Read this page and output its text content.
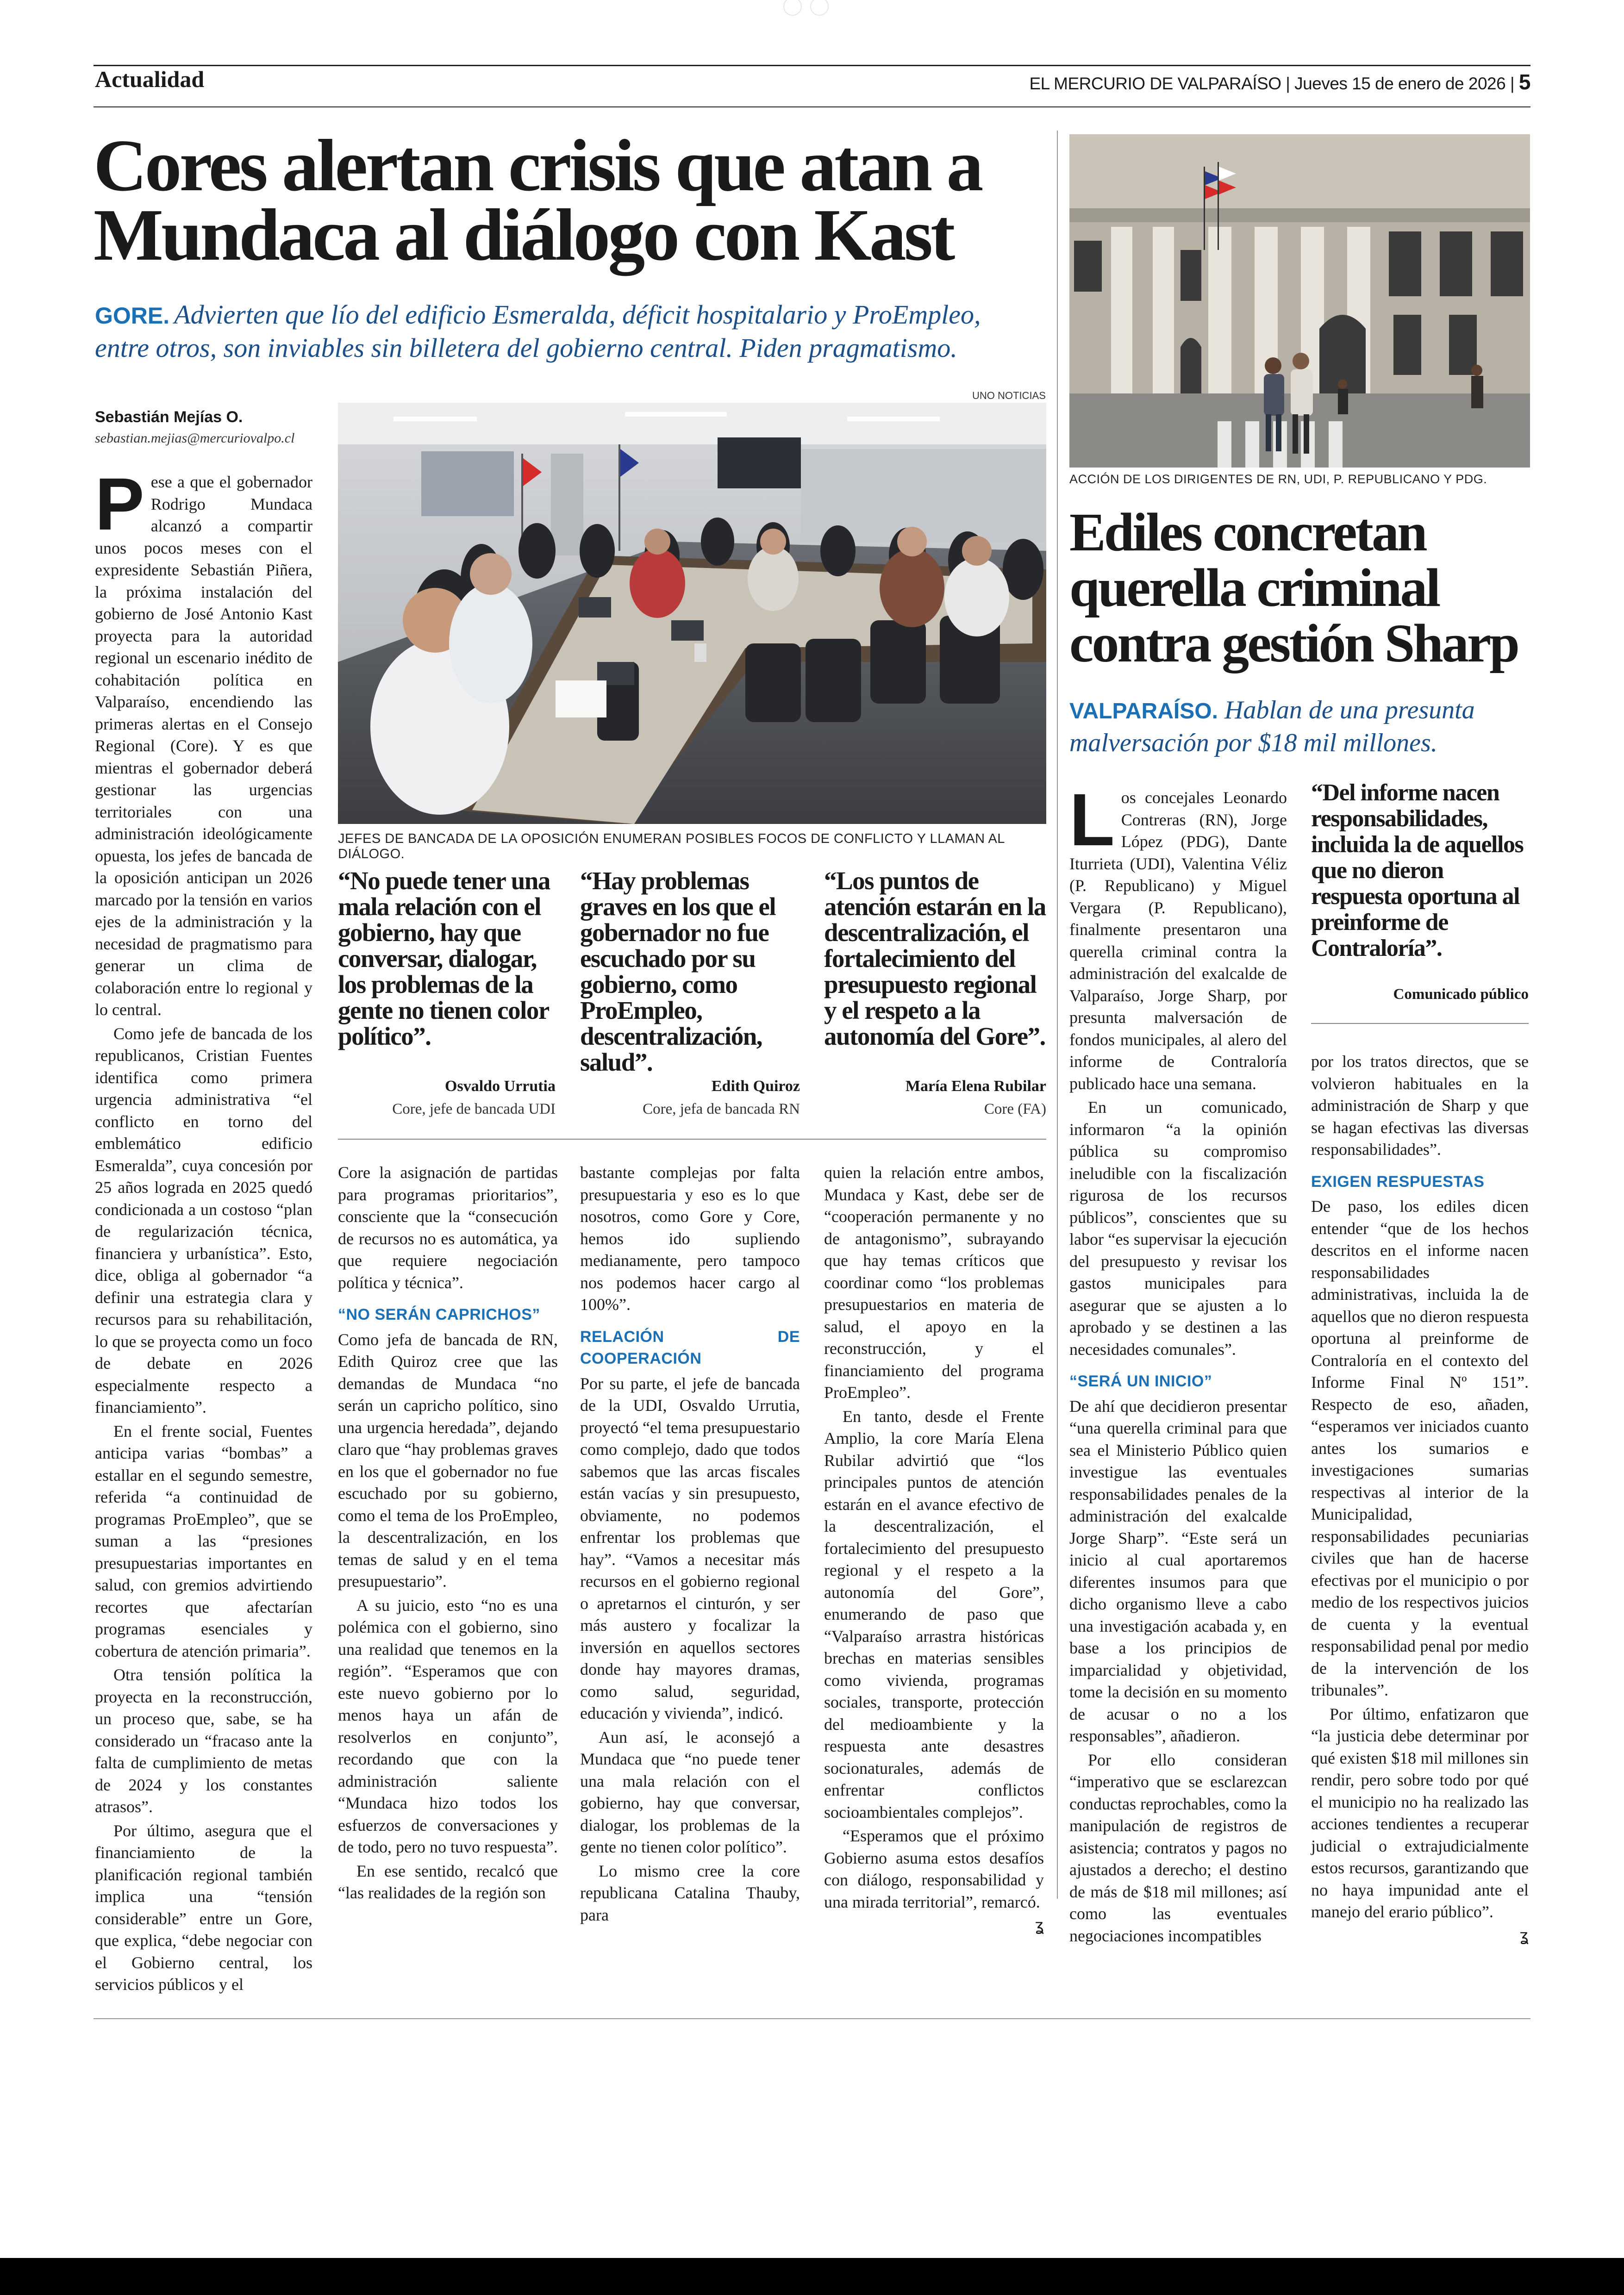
Actualidad	EL MERCURIO DE VALPARAÍSO | Jueves 15 de enero de 2026 | 5
Cores alertan crisis que atan a
Mundaca al diálogo con Kast
GORE. Advierten que lío del edificio Esmeralda, déficit hospitalario y ProEmpleo,
entre otros, son inviables sin billetera del gobierno central. Piden pragmatismo.
Sebastián Mejías O.
sebastian.mejias@mercuriovalpo.cl

Pese a que el gobernador Rodrigo Mundaca alcanzó a compartir unos pocos meses con el expresidente Sebastián Piñera, la próxima instalación del gobierno de José Antonio Kast proyecta para la autoridad regional un escenario inédito de cohabitación política en Valparaíso, encendiendo las primeras alertas en el Consejo Regional (Core). Y es que mientras el gobernador deberá gestionar las urgencias territoriales con una administración ideológicamente opuesta, los jefes de bancada de la oposición anticipan un 2026 marcado por la tensión en varios ejes de la administración y la necesidad de pragmatismo para generar un clima de colaboración entre lo regional y lo central.

Como jefe de bancada de los republicanos, Cristian Fuentes identifica como primera urgencia administrativa “el conflicto en torno del emblemático edificio Esmeralda”, cuya concesión por 25 años lograda en 2025 quedó condicionada a un costoso “plan de regularización técnica, financiera y urbanística”. Esto, dice, obliga al gobernador “a definir una estrategia clara y recursos para su rehabilitación, lo que se proyecta como un foco de debate en 2026 especialmente respecto a financiamiento”.

En el frente social, Fuentes anticipa varias “bombas” a estallar en el segundo semestre, referida “a continuidad de programas ProEmpleo”, que se suman a las “presiones presupuestarias importantes en salud, con gremios advirtiendo recortes que afectarían programas esenciales y cobertura de atención primaria”.

Otra tensión política la proyecta en la reconstrucción, un proceso que, sabe, se ha considerado un “fracaso ante la falta de cumplimiento de metas de 2024 y los constantes atrasos”.

Por último, asegura que el financiamiento de la planificación regional también implica una “tensión considerable” entre un Gore, que explica, “debe negociar con el Gobierno central, los servicios públicos y el

UNO NOTICIAS
JEFES DE BANCADA DE LA OPOSICIÓN ENUMERAN POSIBLES FOCOS DE CONFLICTO Y LLAMAN AL DIÁLOGO.
“No puede tener una mala relación con el gobierno, hay que conversar, dialogar, los problemas de la gente no tienen color político”.
Osvaldo Urrutia
Core, jefe de bancada UDI
“Hay problemas graves en los que el gobernador no fue escuchado por su gobierno, como ProEmpleo, descentralización, salud”.
Edith Quiroz
Core, jefa de bancada RN
“Los puntos de atención estarán en la descentralización, el fortalecimiento del presupuesto regional y el respeto a la autonomía del Gore”.
María Elena Rubilar
Core (FA)

Core la asignación de partidas para programas prioritarios”, consciente que la “consecución de recursos no es automática, ya que requiere negociación política y técnica”.

“NO SERÁN CAPRICHOS”

Como jefa de bancada de RN, Edith Quiroz cree que las demandas de Mundaca “no serán un capricho político, sino una urgencia heredada”, dejando claro que “hay problemas graves en los que el gobernador no fue escuchado por su gobierno, como el tema de los ProEmpleo, la descentralización, en los temas de salud y en el tema presupuestario”.

A su juicio, esto “no es una polémica con el gobierno, sino una realidad que tenemos en la región”. “Esperamos que con este nuevo gobierno por lo menos haya un afán de resolverlos en conjunto”, recordando que con la administración saliente “Mundaca hizo todos los esfuerzos de conversaciones y de todo, pero no tuvo respuesta”.

En ese sentido, recalcó que “las realidades de la región son

bastante complejas por falta presupuestaria y eso es lo que nosotros, como Gore y Core, hemos ido supliendo medianamente, pero tampoco nos podemos hacer cargo al 100%”.

RELACIÓN DE COOPERACIÓN

Por su parte, el jefe de bancada de la UDI, Osvaldo Urrutia, proyectó “el tema presupuestario como complejo, dado que todos sabemos que las arcas fiscales están vacías y sin presupuesto, obviamente, no podemos enfrentar los problemas que hay”. “Vamos a necesitar más recursos en el gobierno regional o apretarnos el cinturón, y ser más austero y focalizar la inversión en aquellos sectores donde hay mayores dramas, como salud, seguridad, educación y vivienda”, indicó.

Aun así, le aconsejó a Mundaca que “no puede tener una mala relación con el gobierno, hay que conversar, dialogar, los problemas de la gente no tienen color político”.

Lo mismo cree la core republicana Catalina Thauby, para

quien la relación entre ambos, Mundaca y Kast, debe ser de “cooperación permanente y no de antagonismo”, subrayando que hay temas críticos que coordinar como “los problemas presupuestarios en materia de salud, el apoyo en la reconstrucción, y el financiamiento del programa ProEmpleo”.

En tanto, desde el Frente Amplio, la core María Elena Rubilar advirtió que “los principales puntos de atención estarán en el avance efectivo de la descentralización, el fortalecimiento del presupuesto regional y el respeto a la autonomía del Gore”, enumerando de paso que “Valparaíso arrastra históricas brechas en materias sensibles como vivienda, programas sociales, transporte, protección del medioambiente y la respuesta ante desastres socionaturales, además de enfrentar conflictos socioambientales complejos”.

“Esperamos que el próximo Gobierno asuma estos desafíos con diálogo, responsabilidad y una mirada territorial”, remarcó.

ʓ
ACCIÓN DE LOS DIRIGENTES DE RN, UDI, P. REPUBLICANO Y PDG.
Ediles concretan
querella criminal
contra gestión Sharp
VALPARAÍSO. Hablan de una presunta malversación por $18 mil millones.

Los concejales Leonardo Contreras (RN), Jorge López (PDG), Dante Iturrieta (UDI), Valentina Véliz (P. Republicano) y Miguel Vergara (P. Republicano), finalmente presentaron una querella criminal contra la administración del exalcalde de Valparaíso, Jorge Sharp, por presunta malversación de fondos municipales, al alero del informe de Contraloría publicado hace una semana.

En un comunicado, informaron “a la opinión pública su compromiso ineludible con la fiscalización rigurosa de los recursos públicos”, conscientes que su labor “es supervisar la ejecución del presupuesto y revisar los gastos municipales para asegurar que se ajusten a lo aprobado y se destinen a las necesidades comunales”.

“SERÁ UN INICIO”

De ahí que decidieron presentar “una querella criminal para que sea el Ministerio Público quien investigue las eventuales responsabilidades penales de la administración del exalcalde Jorge Sharp”. “Este será un inicio al cual aportaremos diferentes insumos para que dicho organismo lleve a cabo una investigación acabada y, en base a los principios de imparcialidad y objetividad, tome la decisión en su momento de acusar o no a los responsables”, añadieron.

Por ello consideran “imperativo que se esclarezcan conductas reprochables, como la manipulación de registros de asistencia; contratos y pagos no ajustados a derecho; el destino de más de $18 mil millones; así como las eventuales negociaciones incompatibles

“Del informe nacen responsabilidades, incluida la de aquellos que no dieron respuesta oportuna al preinforme de Contraloría”.
Comunicado público

por los tratos directos, que se volvieron habituales en la administración de Sharp y que se hagan efectivas las diversas responsabilidades”.

EXIGEN RESPUESTAS

De paso, los ediles dicen entender “que de los hechos descritos en el informe nacen responsabilidades administrativas, incluida la de aquellos que no dieron respuesta oportuna al preinforme de Contraloría en el contexto del Informe Final Nº 151”. Respecto de eso, añaden, “esperamos ver iniciados cuanto antes los sumarios e investigaciones sumarias respectivas al interior de la Municipalidad, responsabilidades pecuniarias civiles que han de hacerse efectivas por el municipio o por medio de los respectivos juicios de cuenta y la eventual responsabilidad penal por medio de la intervención de los tribunales”.

Por último, enfatizaron que “la justicia debe determinar por qué existen $18 mil millones sin rendir, pero sobre todo por qué el municipio no ha realizado las acciones tendientes a recuperar judicial o extrajudicialmente estos recursos, garantizando que no haya impunidad ante el manejo del erario público”.

ʓ
